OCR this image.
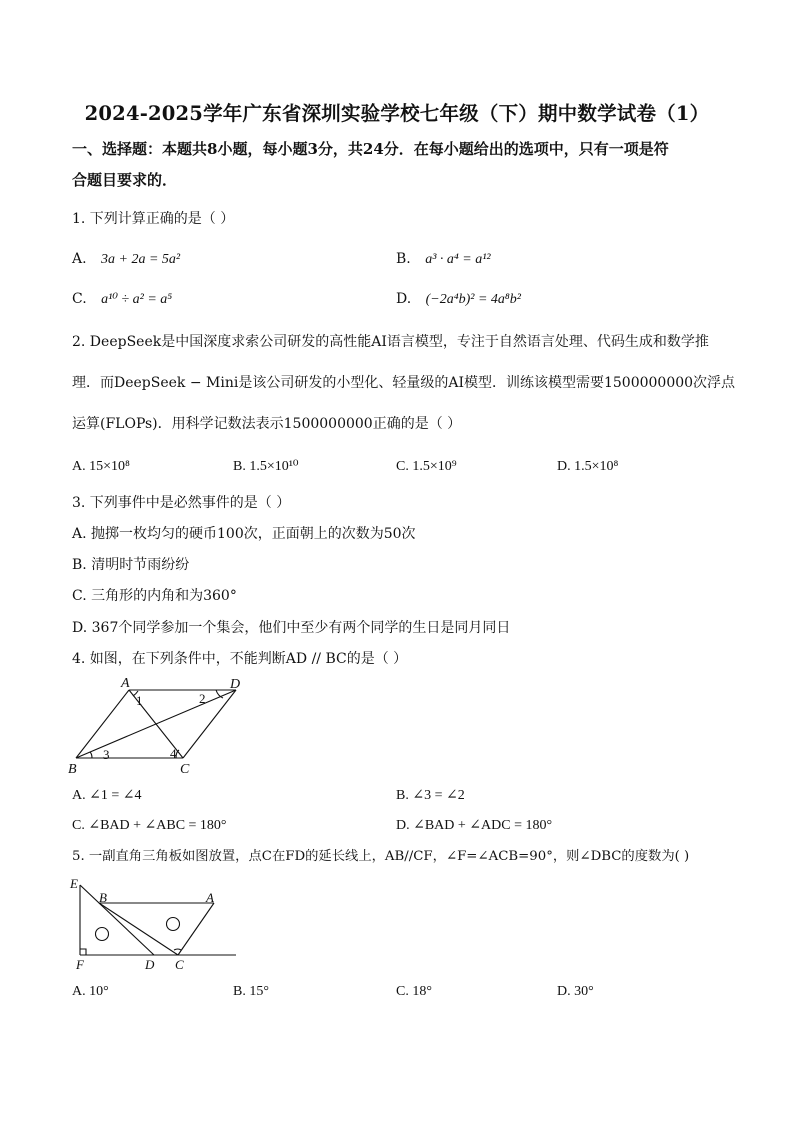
2024-2025学年广东省深圳实验学校七年级（下）期中数学试卷（1）
一、选择题：本题共8小题，每小题3分，共24分．在每小题给出的选项中，只有一项是符
合题目要求的．
1. 下列计算正确的是（ ）
A. 3a + 2a = 5a²	B. a³ · a⁴ = a¹²
C. a¹⁰ ÷ a² = a⁵	D. (−2a⁴b)² = 4a⁸b²
2. DeepSeek是中国深度求索公司研发的高性能AI语言模型，专注于自然语言处理、代码生成和数学推
理．而DeepSeek − Mini是该公司研发的小型化、轻量级的AI模型．训练该模型需要1500000000次浮点
运算(FLOPs)．用科学记数法表示1500000000正确的是（ ）
A. 15×10⁸	B. 1.5×10¹⁰	C. 1.5×10⁹	D. 1.5×10⁸
3. 下列事件中是必然事件的是（ ）
A. 抛掷一枚均匀的硬币100次，正面朝上的次数为50次
B. 清明时节雨纷纷
C. 三角形的内角和为360°
D. 367个同学参加一个集会，他们中至少有两个同学的生日是同月同日
4. 如图，在下列条件中，不能判断AD // BC的是（ ）
A	D
B	C
1	2
3	4
A. ∠1 = ∠4	B. ∠3 = ∠2
C. ∠BAD + ∠ABC = 180°	D. ∠BAD + ∠ADC = 180°
5. 一副直角三角板如图放置，点C在FD的延长线上，AB//CF，∠F=∠ACB=90°，则∠DBC的度数为( )
E
B	A
F	D C
A. 10°	B. 15°	C. 18°	D. 30°
